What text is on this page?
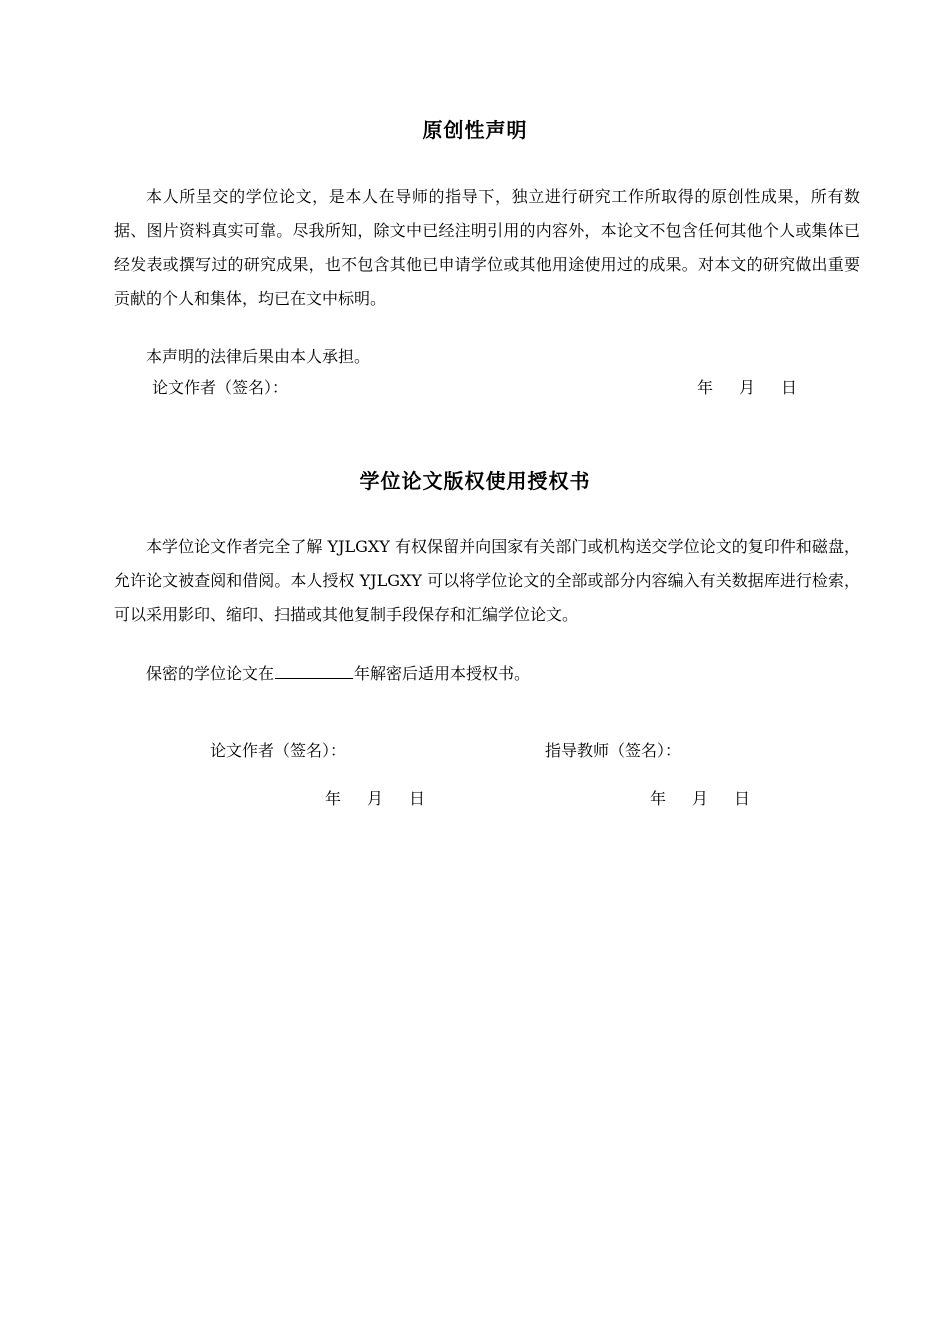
原创性声明

本人所呈交的学位论文，是本人在导师的指导下，独立进行研究工作所取得的原创性成果，所有数据、图片资料真实可靠。尽我所知，除文中已经注明引用的内容外，本论文不包含任何其他个人或集体已经发表或撰写过的研究成果，也不包含其他已申请学位或其他用途使用过的成果。对本文的研究做出重要贡献的个人和集体，均已在文中标明。

本声明的法律后果由本人承担。

论文作者（签名）：	年 月 日
学位论文版权使用授权书

本学位论文作者完全了解 YJLGXY 有权保留并向国家有关部门或机构送交学位论文的复印件和磁盘，允许论文被查阅和借阅。本人授权 YJLGXY 可以将学位论文的全部或部分内容编入有关数据库进行检索，可以采用影印、缩印、扫描或其他复制手段保存和汇编学位论文。

保密的学位论文在	年解密后适用本授权书。

论文作者（签名）：	指导教师（签名）：
年 月 日	年 月 日
